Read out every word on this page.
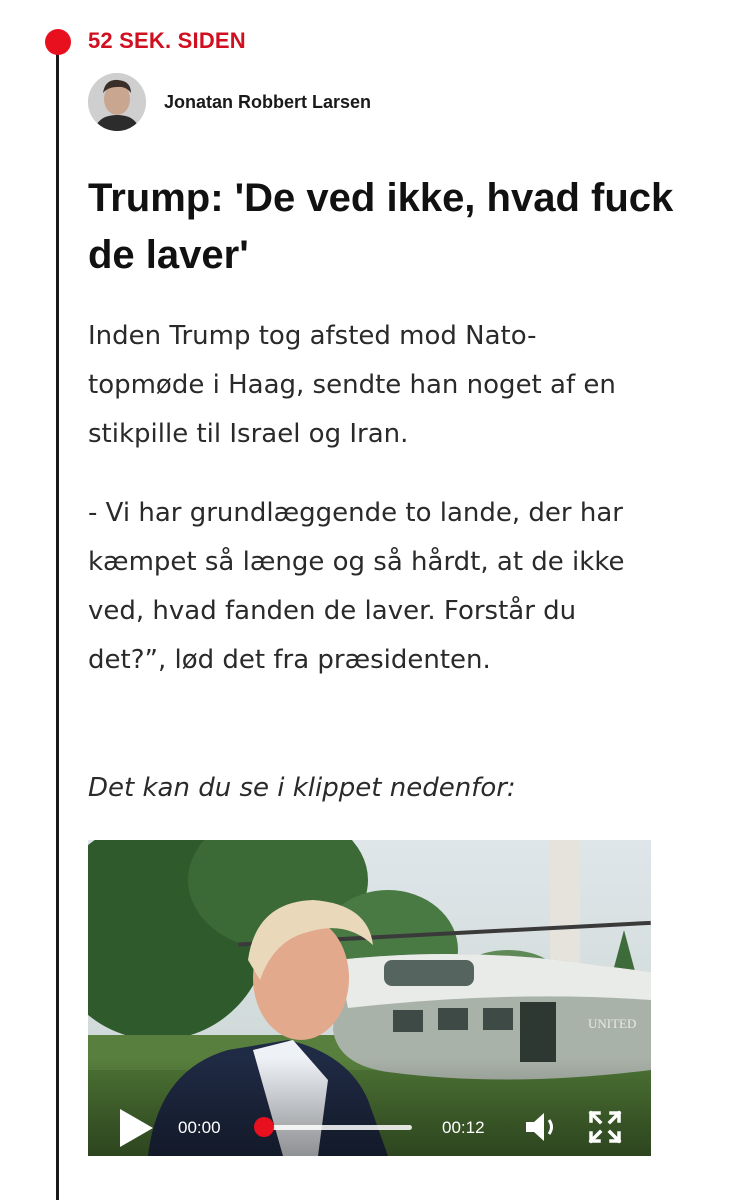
52 SEK. SIDEN
Jonatan Robbert Larsen
Trump: 'De ved ikke, hvad fuck de laver'

Inden Trump tog afsted mod Nato-topmøde i Haag, sendte han noget af en stikpille til Israel og Iran.

- Vi har grundlæggende to lande, der har kæmpet så længe og så hårdt, at de ikke ved, hvad fanden de laver. Forstår du det?”, lød det fra præsidenten.

Det kan du se i klippet nedenfor:

UNITED
00:00	00:12
